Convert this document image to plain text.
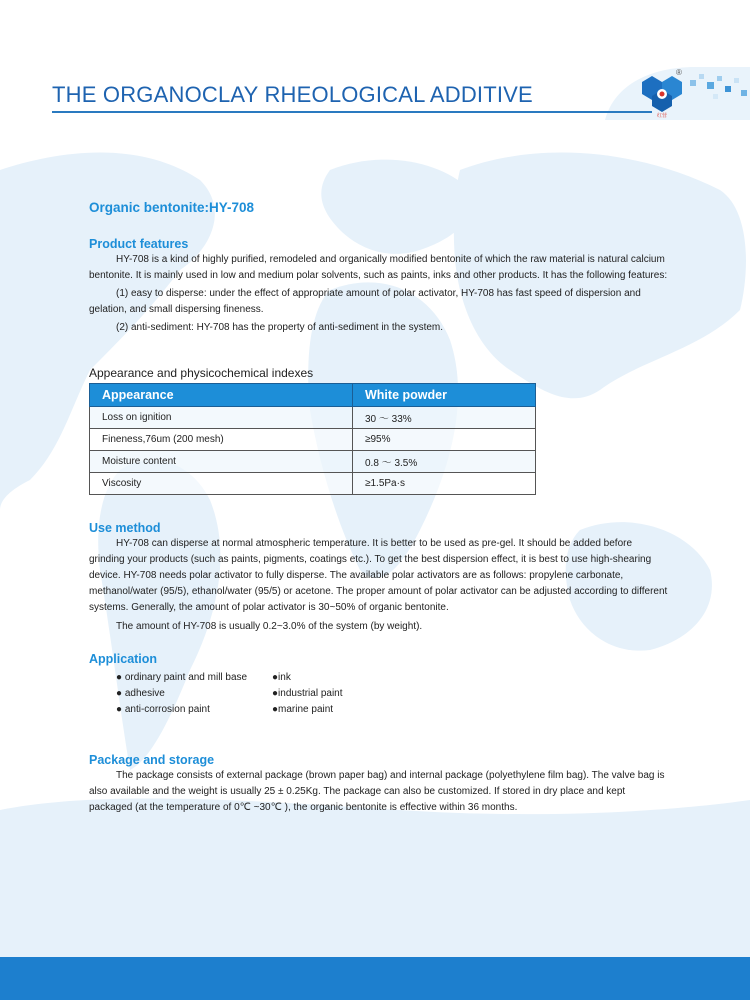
红营
®
THE ORGANOCLAY RHEOLOGICAL ADDITIVE
Organic bentonite:HY-708
Product features

HY-708 is a kind of highly purified, remodeled and organically modified bentonite of which the raw material is natural calcium bentonite. It is mainly used in low and medium polar solvents, such as paints, inks and other products. It has the following features:

(1) easy to disperse: under the effect of appropriate amount of polar activator, HY-708 has fast speed of dispersion and gelation, and small dispersing fineness.

(2) anti-sediment: HY-708 has the property of anti-sediment in the system.

Appearance and physicochemical indexes
Appearance	White powder
Loss on ignition	30 ～ 33%
Fineness,76um (200 mesh)	≥95%
Moisture content	0.8 ～ 3.5%
Viscosity	≥1.5Pa·s
Use method

HY-708 can disperse at normal atmospheric temperature. It is better to be used as pre-gel. It should be added before grinding your products (such as paints, pigments, coatings etc.). To get the best dispersion effect, it is best to use high-shearing device. HY-708 needs polar activator to fully disperse. The available polar activators are as follows: propylene carbonate, methanol/water (95/5), ethanol/water (95/5) or acetone. The proper amount of polar activator can be adjusted according to different systems. Generally, the amount of polar activator is 30~50% of organic bentonite.

The amount of HY-708 is usually 0.2~3.0% of the system (by weight).

Application
● ordinary paint and mill base
● adhesive
● anti-corrosion paint
●ink
●industrial paint
●marine paint
Package and storage

The package consists of external package (brown paper bag) and internal package (polyethylene film bag). The valve bag is also available and the weight is usually 25 ± 0.25Kg. The package can also be customized. If stored in dry place and kept packaged (at the temperature of 0℃ ~30℃ ), the organic bentonite is effective within 36 months.
